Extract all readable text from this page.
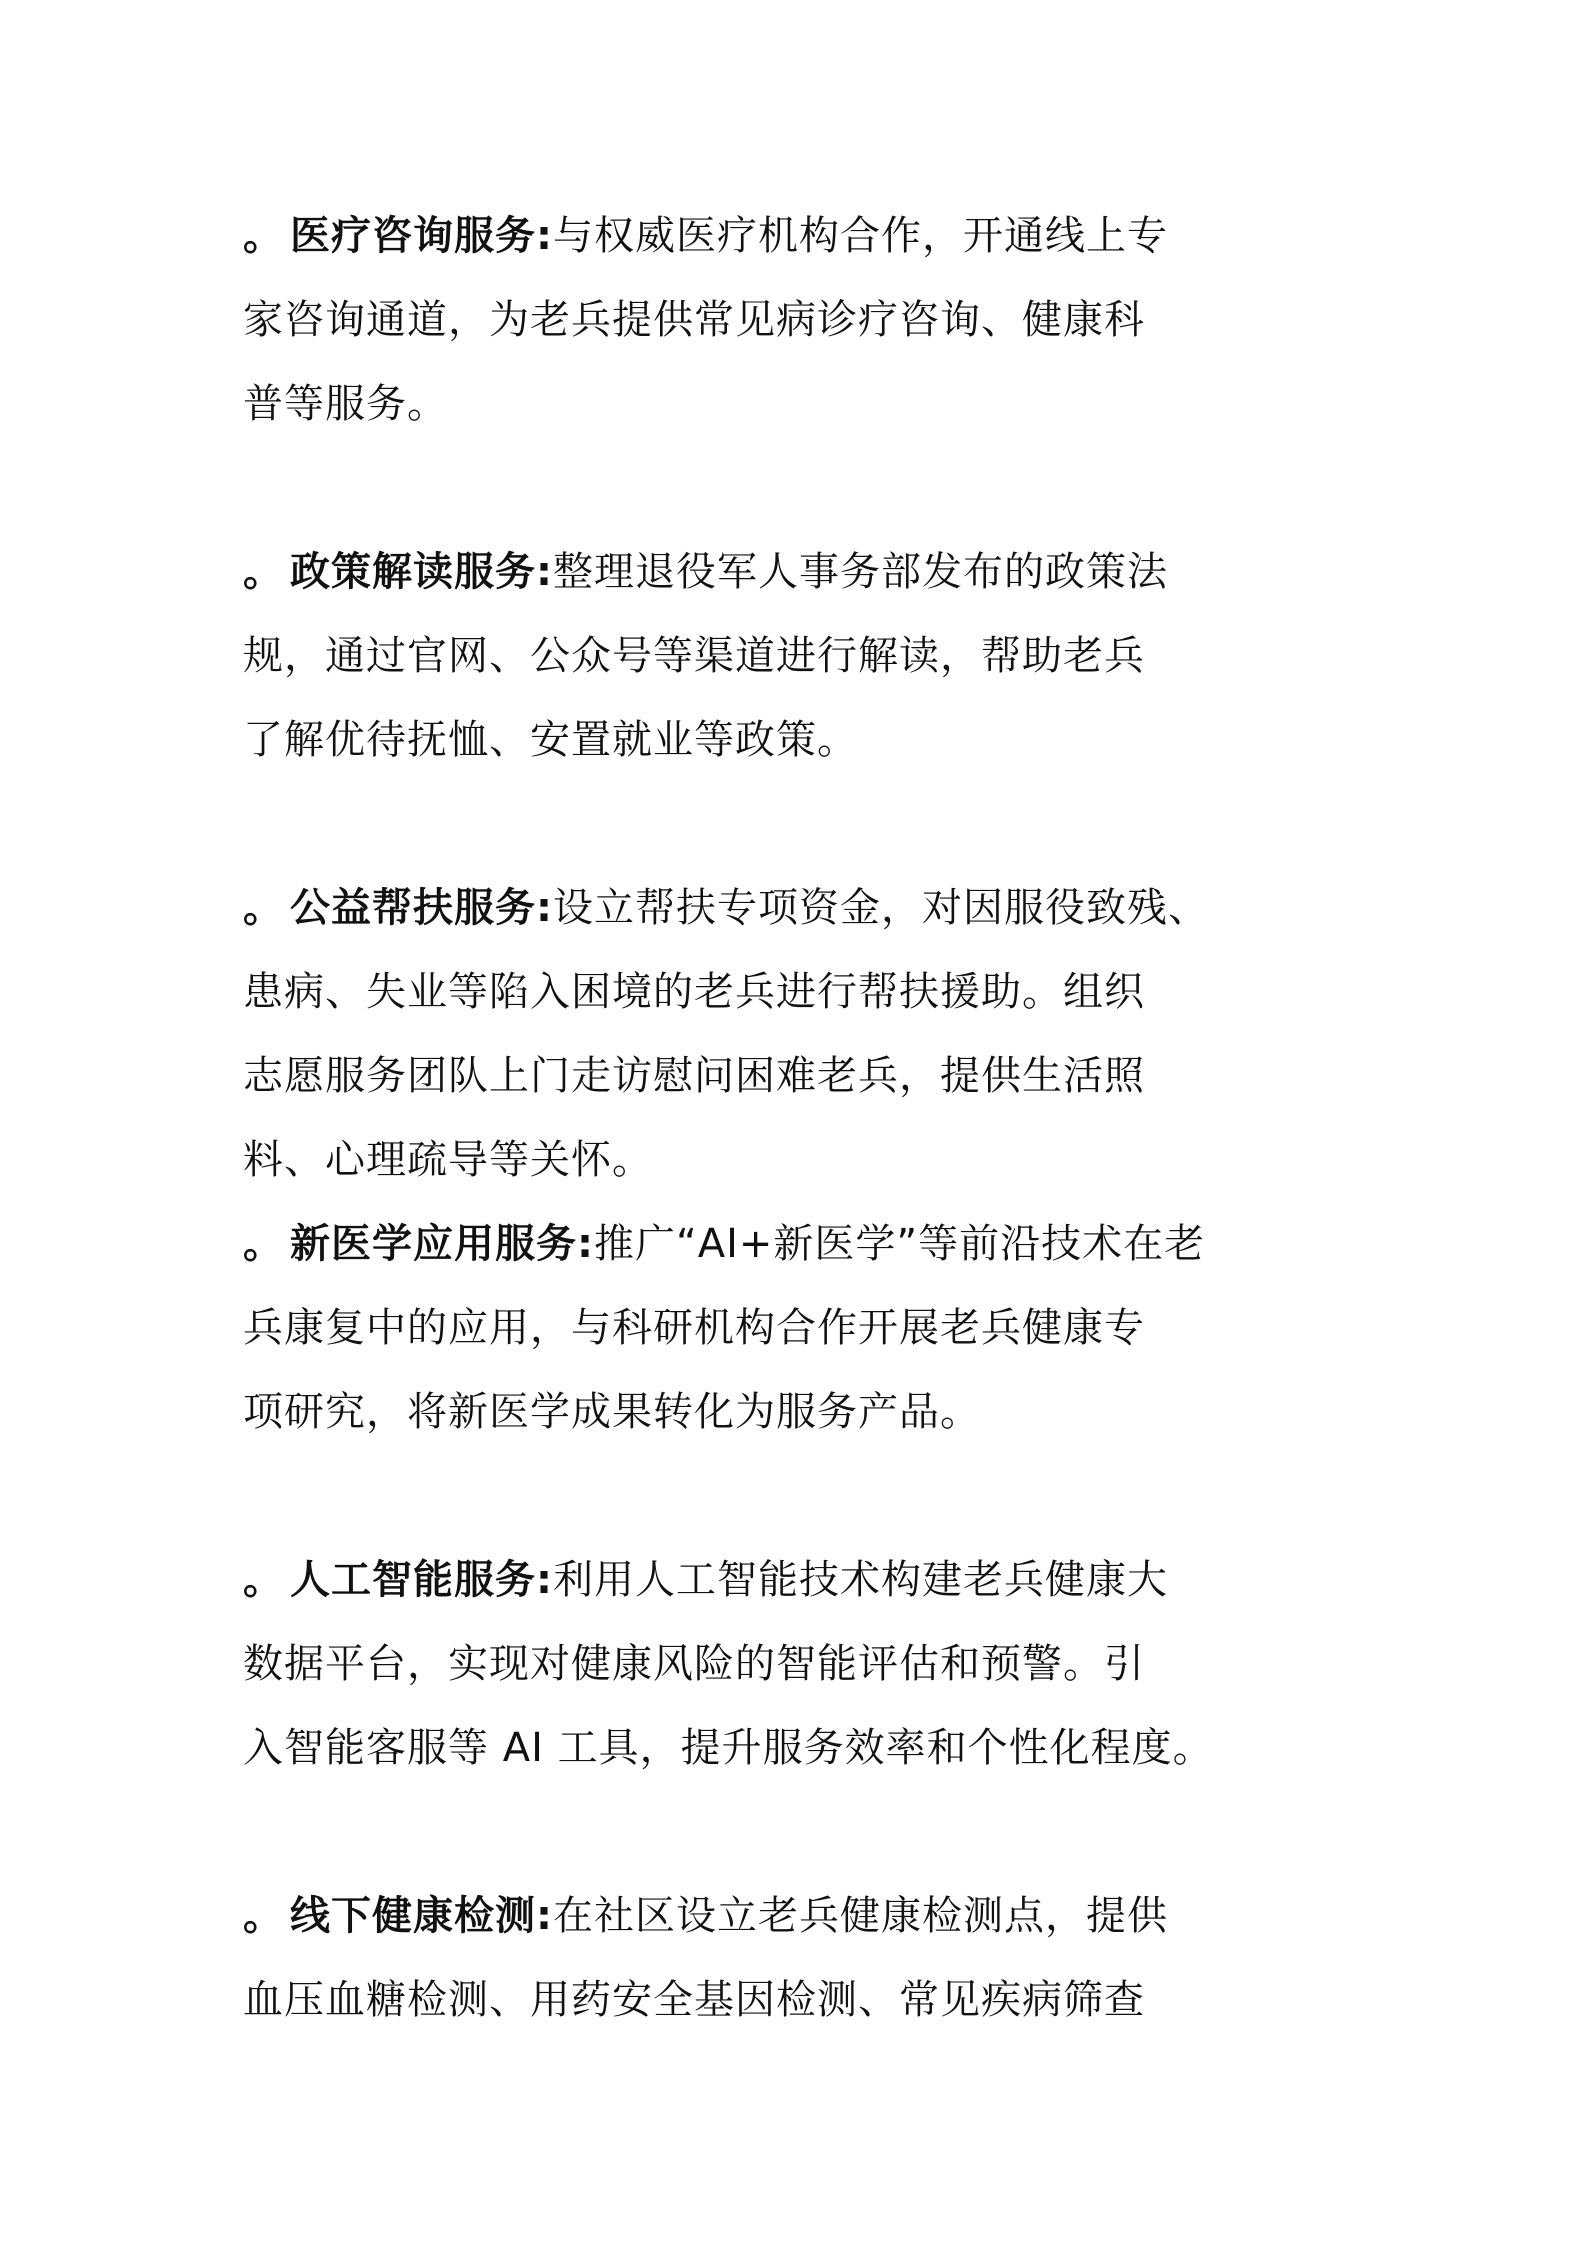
。 医疗咨询服务:与权威医疗机构合作，开通线上专
家咨询通道，为老兵提供常见病诊疗咨询、健康科
普等服务。
。 政策解读服务:整理退役军人事务部发布的政策法
规，通过官网、公众号等渠道进行解读，帮助老兵
了解优待抚恤、安置就业等政策。
。 公益帮扶服务:设立帮扶专项资金，对因服役致残、
患病、失业等陷入困境的老兵进行帮扶援助。组织
志愿服务团队上门走访慰问困难老兵，提供生活照
料、心理疏导等关怀。
。 新医学应用服务:推广“AI+新医学”等前沿技术在老
兵康复中的应用，与科研机构合作开展老兵健康专
项研究，将新医学成果转化为服务产品。
。 人工智能服务:利用人工智能技术构建老兵健康大
数据平台，实现对健康风险的智能评估和预警。引
入智能客服等 AI 工具，提升服务效率和个性化程度。
。 线下健康检测:在社区设立老兵健康检测点，提供
血压血糖检测、用药安全基因检测、常见疾病筛查
